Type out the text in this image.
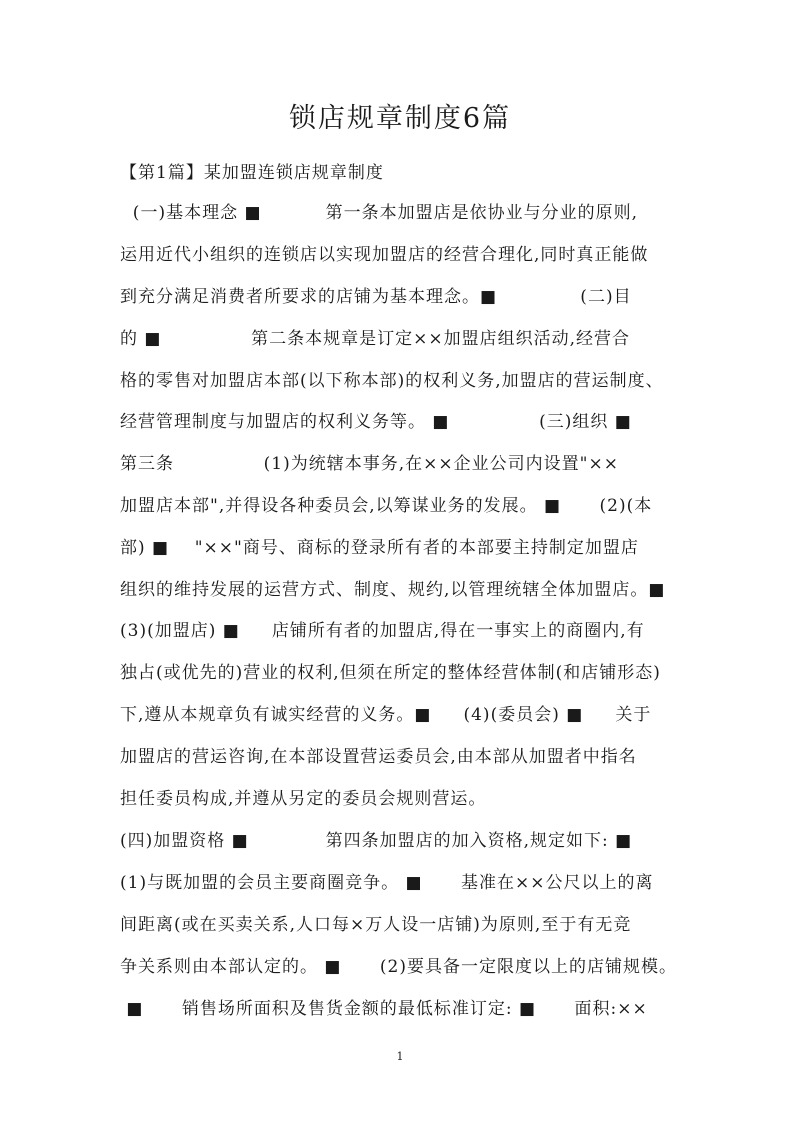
锁店规章制度6篇
【第1篇】某加盟连锁店规章制度
(一)基本理念 ■          第一条本加盟店是依协业与分业的原则,
运用近代小组织的连锁店以实现加盟店的经营合理化,同时真正能做
到充分满足消费者所要求的店铺为基本理念。■             (二)目
的 ■              第二条本规章是订定××加盟店组织活动,经营合
格的零售对加盟店本部(以下称本部)的权利义务,加盟店的营运制度、
经营管理制度与加盟店的权利义务等。 ■              (三)组织 ■
第三条              (1)为统辖本事务,在××企业公司内设置"××
加盟店本部",并得设各种委员会,以筹谋业务的发展。 ■      (2)(本
部) ■    "××"商号、商标的登录所有者的本部要主持制定加盟店
组织的维持发展的运营方式、制度、规约,以管理统辖全体加盟店。■
(3)(加盟店) ■     店铺所有者的加盟店,得在一事实上的商圈内,有
独占(或优先的)营业的权利,但须在所定的整体经营体制(和店铺形态)
下,遵从本规章负有诚实经营的义务。■     (4)(委员会) ■     关于
加盟店的营运咨询,在本部设置营运委员会,由本部从加盟者中指名
担任委员构成,并遵从另定的委员会规则营运。
(四)加盟资格 ■            第四条加盟店的加入资格,规定如下: ■
(1)与既加盟的会员主要商圈竞争。 ■      基准在××公尺以上的离
间距离(或在买卖关系,人口每×万人设一店铺)为原则,至于有无竞
争关系则由本部认定的。 ■      (2)要具备一定限度以上的店铺规模。
■      销售场所面积及售货金额的最低标准订定: ■      面积:××
1
